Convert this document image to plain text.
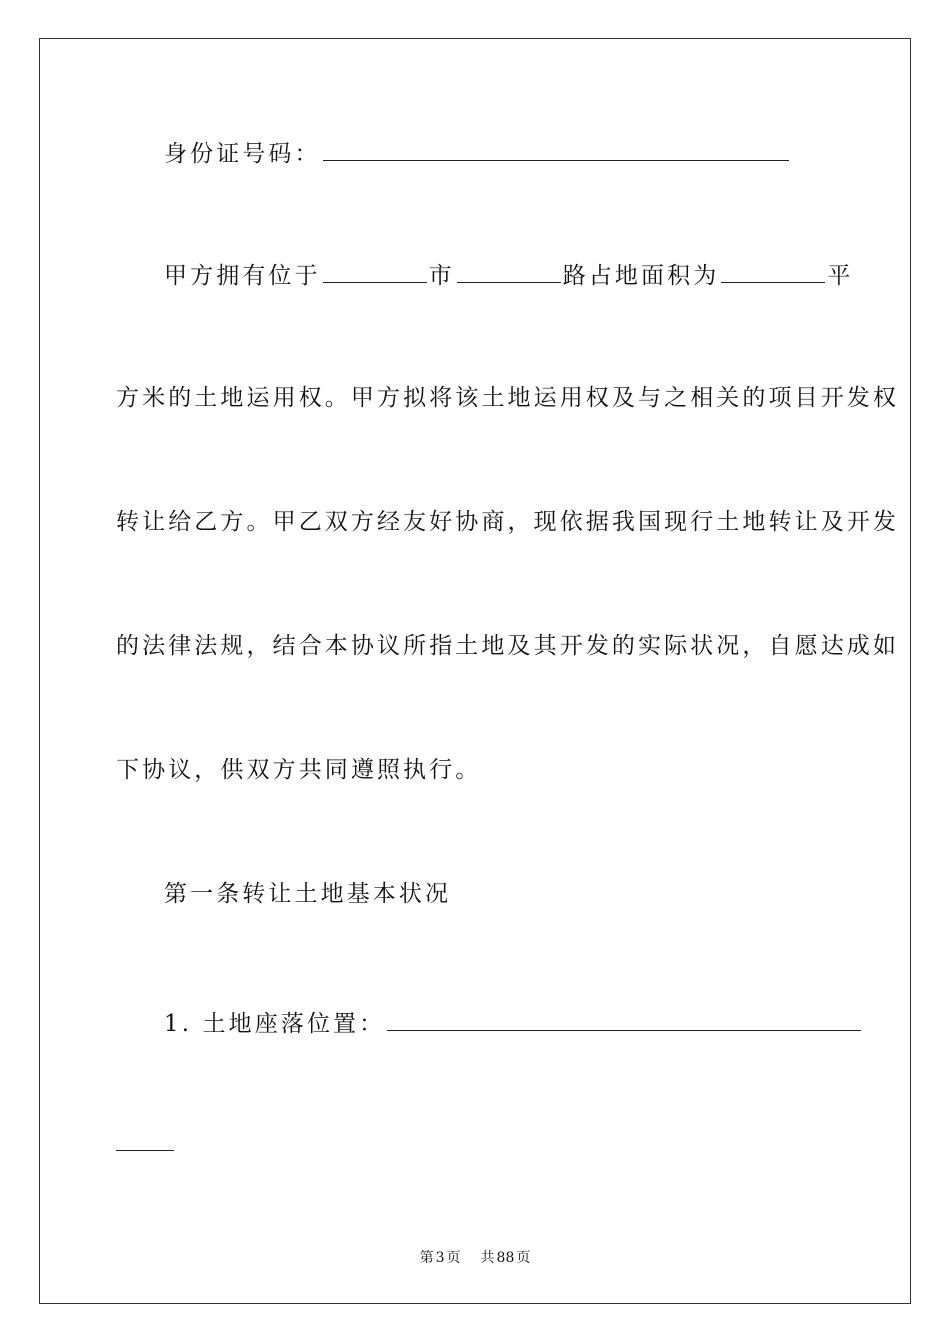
身份证号码：
甲方拥有位于	市	路占地面积为	平
方米的土地运用权。甲方拟将该土地运用权及与之相关的项目开发权
转让给乙方。甲乙双方经友好协商，现依据我国现行土地转让及开发
的法律法规，结合本协议所指土地及其开发的实际状况，自愿达成如
下协议，供双方共同遵照执行。
第一条转让土地基本状况
1. 土地座落位置：
第 3 页 共 88 页
